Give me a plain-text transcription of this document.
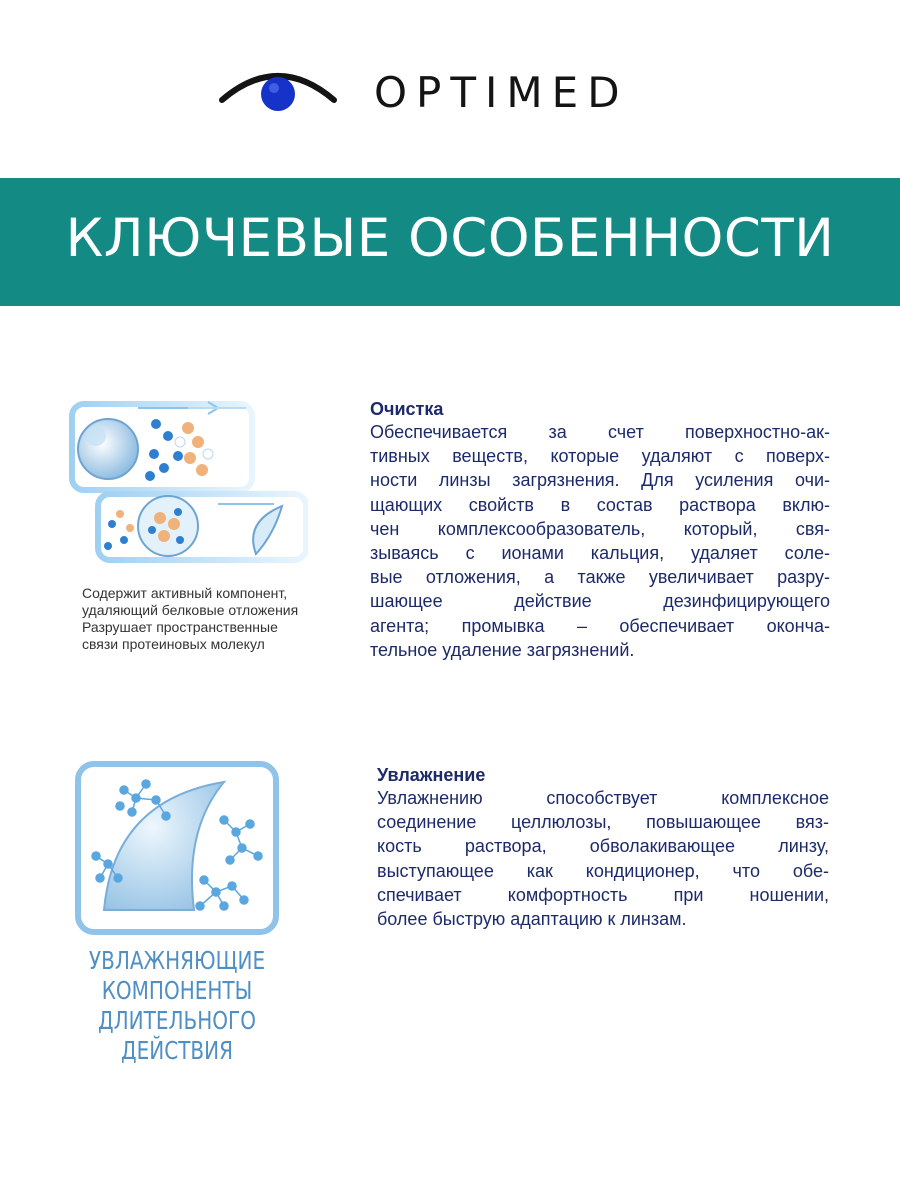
OPTIMED
КЛЮЧЕВЫЕ ОСОБЕННОСТИ
Содержит активный компонент,
удаляющий белковые отложения
Разрушает пространственные
связи протеиновых молекул
Очистка
Обеспечивается за счет поверхностно-ак-
тивных веществ, которые удаляют с поверх-
ности линзы загрязнения. Для усиления очи-
щающих свойств в состав раствора вклю-
чен комплексообразователь, который, свя-
зываясь с ионами кальция, удаляет соле-
вые отложения, а также увеличивает разру-
шающее действие дезинфицирующего
агента; промывка – обеспечивает оконча-
тельное удаление загрязнений.
УВЛАЖНЯЮЩИЕ
КОМПОНЕНТЫ
ДЛИТЕЛЬНОГО
ДЕЙСТВИЯ
Увлажнение
Увлажнению способствует комплексное
соединение целлюлозы, повышающее вяз-
кость раствора, обволакивающее линзу,
выступающее как кондиционер, что обе-
спечивает комфортность при ношении,
более быструю адаптацию к линзам.
